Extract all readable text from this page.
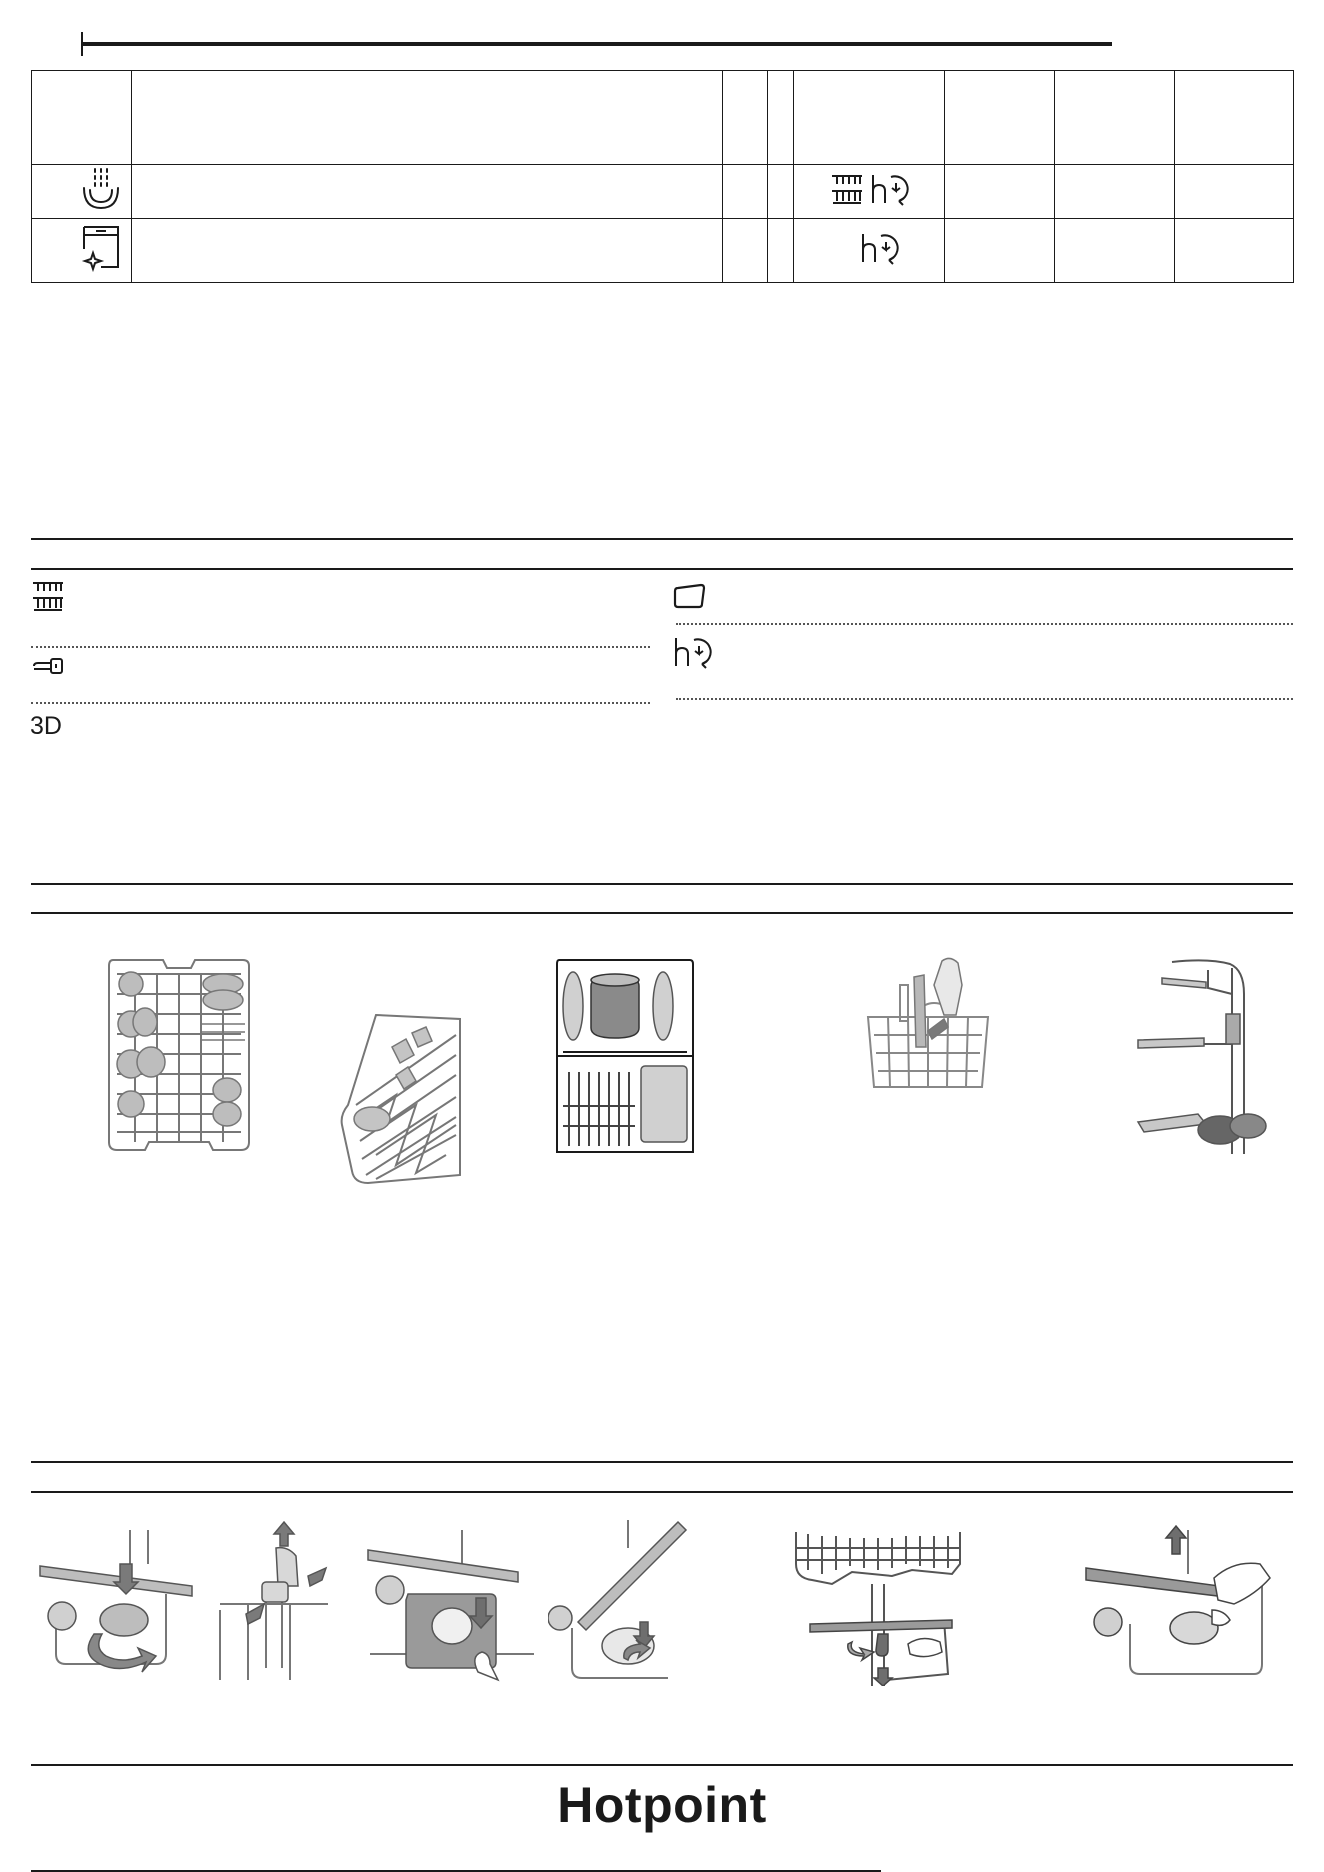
3D
Hotpoint
